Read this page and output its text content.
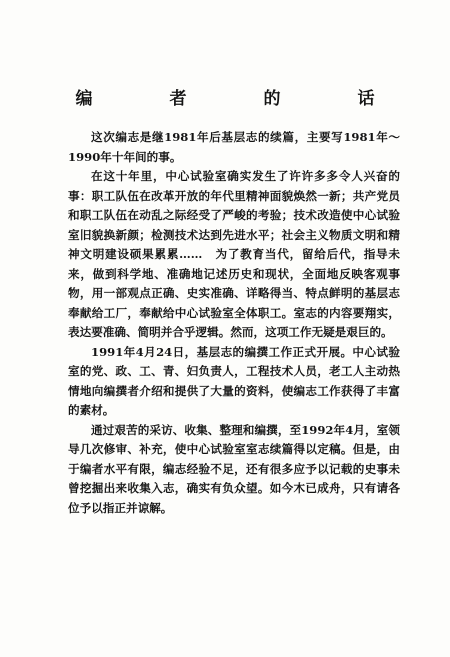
编　者　的　话

这次编志是继1981年后基层志的续篇，主要写1981年～
1990年十年间的事。

在这十年里，中心试验室确实发生了许许多多令人兴奋的
事：职工队伍在改革开放的年代里精神面貌焕然一新；共产党员
和职工队伍在动乱之际经受了严峻的考验；技术改造使中心试验
室旧貌换新颜；检测技术达到先进水平；社会主义物质文明和精
神文明建设硕果累累……　为了教育当代，留给后代，指导未
来，做到科学地、准确地记述历史和现状，全面地反映客观事
物，用一部观点正确、史实准确、详略得当、特点鲜明的基层志
奉献给工厂，奉献给中心试验室全体职工。室志的内容要翔实，
表达要准确、简明并合乎逻辑。然而，这项工作无疑是艰巨的。

1991年4月24日，基层志的编撰工作正式开展。中心试验
室的党、政、工、青、妇负责人，工程技术人员，老工人主动热
情地向编撰者介绍和提供了大量的资料，使编志工作获得了丰富
的素材。

通过艰苦的采访、收集、整理和编撰，至1992年4月，室领
导几次修审、补充，使中心试验室室志续篇得以定稿。但是，由
于编者水平有限，编志经验不足，还有很多应予以记载的史事未
曾挖掘出来收集入志，确实有负众望。如今木已成舟，只有请各
位予以指正并谅解。
